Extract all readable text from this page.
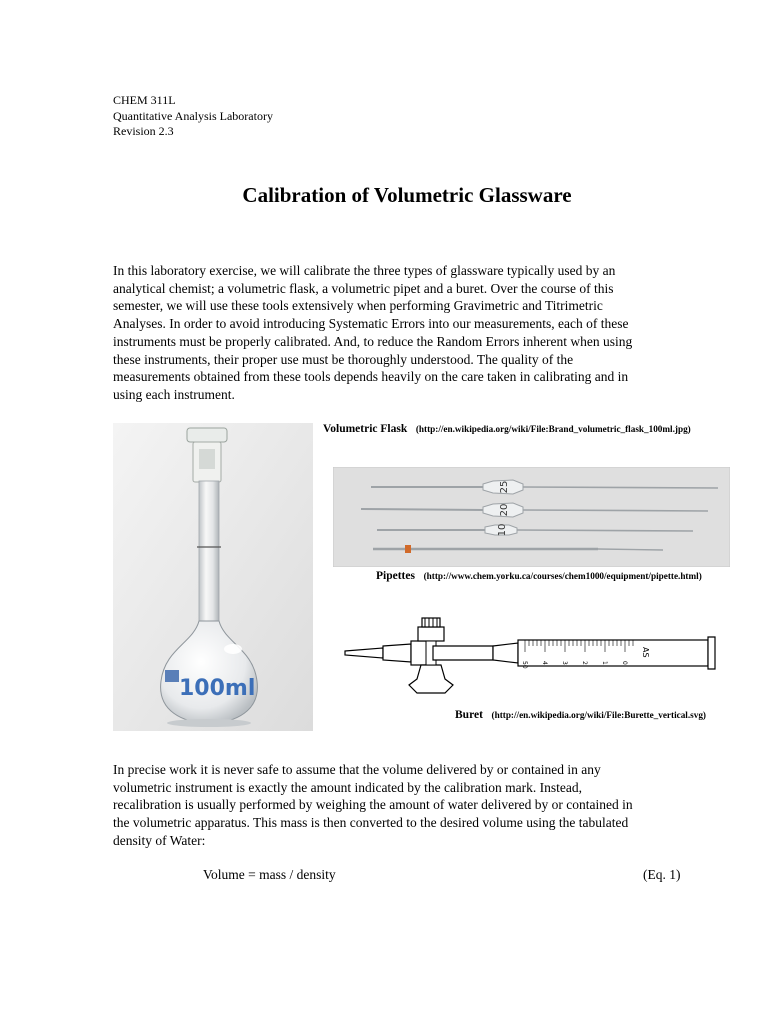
CHEM 311L
Quantitative Analysis Laboratory
Revision 2.3
Calibration of Volumetric Glassware
In this laboratory exercise, we will calibrate the three types of glassware typically used by an
analytical chemist; a volumetric flask, a volumetric pipet and a buret. Over the course of this
semester, we will use these tools extensively when performing Gravimetric and Titrimetric
Analyses. In order to avoid introducing Systematic Errors into our measurements, each of these
instruments must be properly calibrated. And, to reduce the Random Errors inherent when using
these instruments, their proper use must be thoroughly understood. The quality of the
measurements obtained from these tools depends heavily on the care taken in calibrating and in
using each instrument.
100ml
Volumetric Flask (http://en.wikipedia.org/wiki/File:Brand_volumetric_flask_100ml.jpg)
25
20
10
Pipettes (http://www.chem.yorku.ca/courses/chem1000/equipment/pipette.html)
50 4 3 2 1 0
AS
Buret (http://en.wikipedia.org/wiki/File:Burette_vertical.svg)
In precise work it is never safe to assume that the volume delivered by or contained in any
volumetric instrument is exactly the amount indicated by the calibration mark. Instead,
recalibration is usually performed by weighing the amount of water delivered by or contained in
the volumetric apparatus. This mass is then converted to the desired volume using the tabulated
density of Water:
Volume = mass / density	(Eq. 1)
